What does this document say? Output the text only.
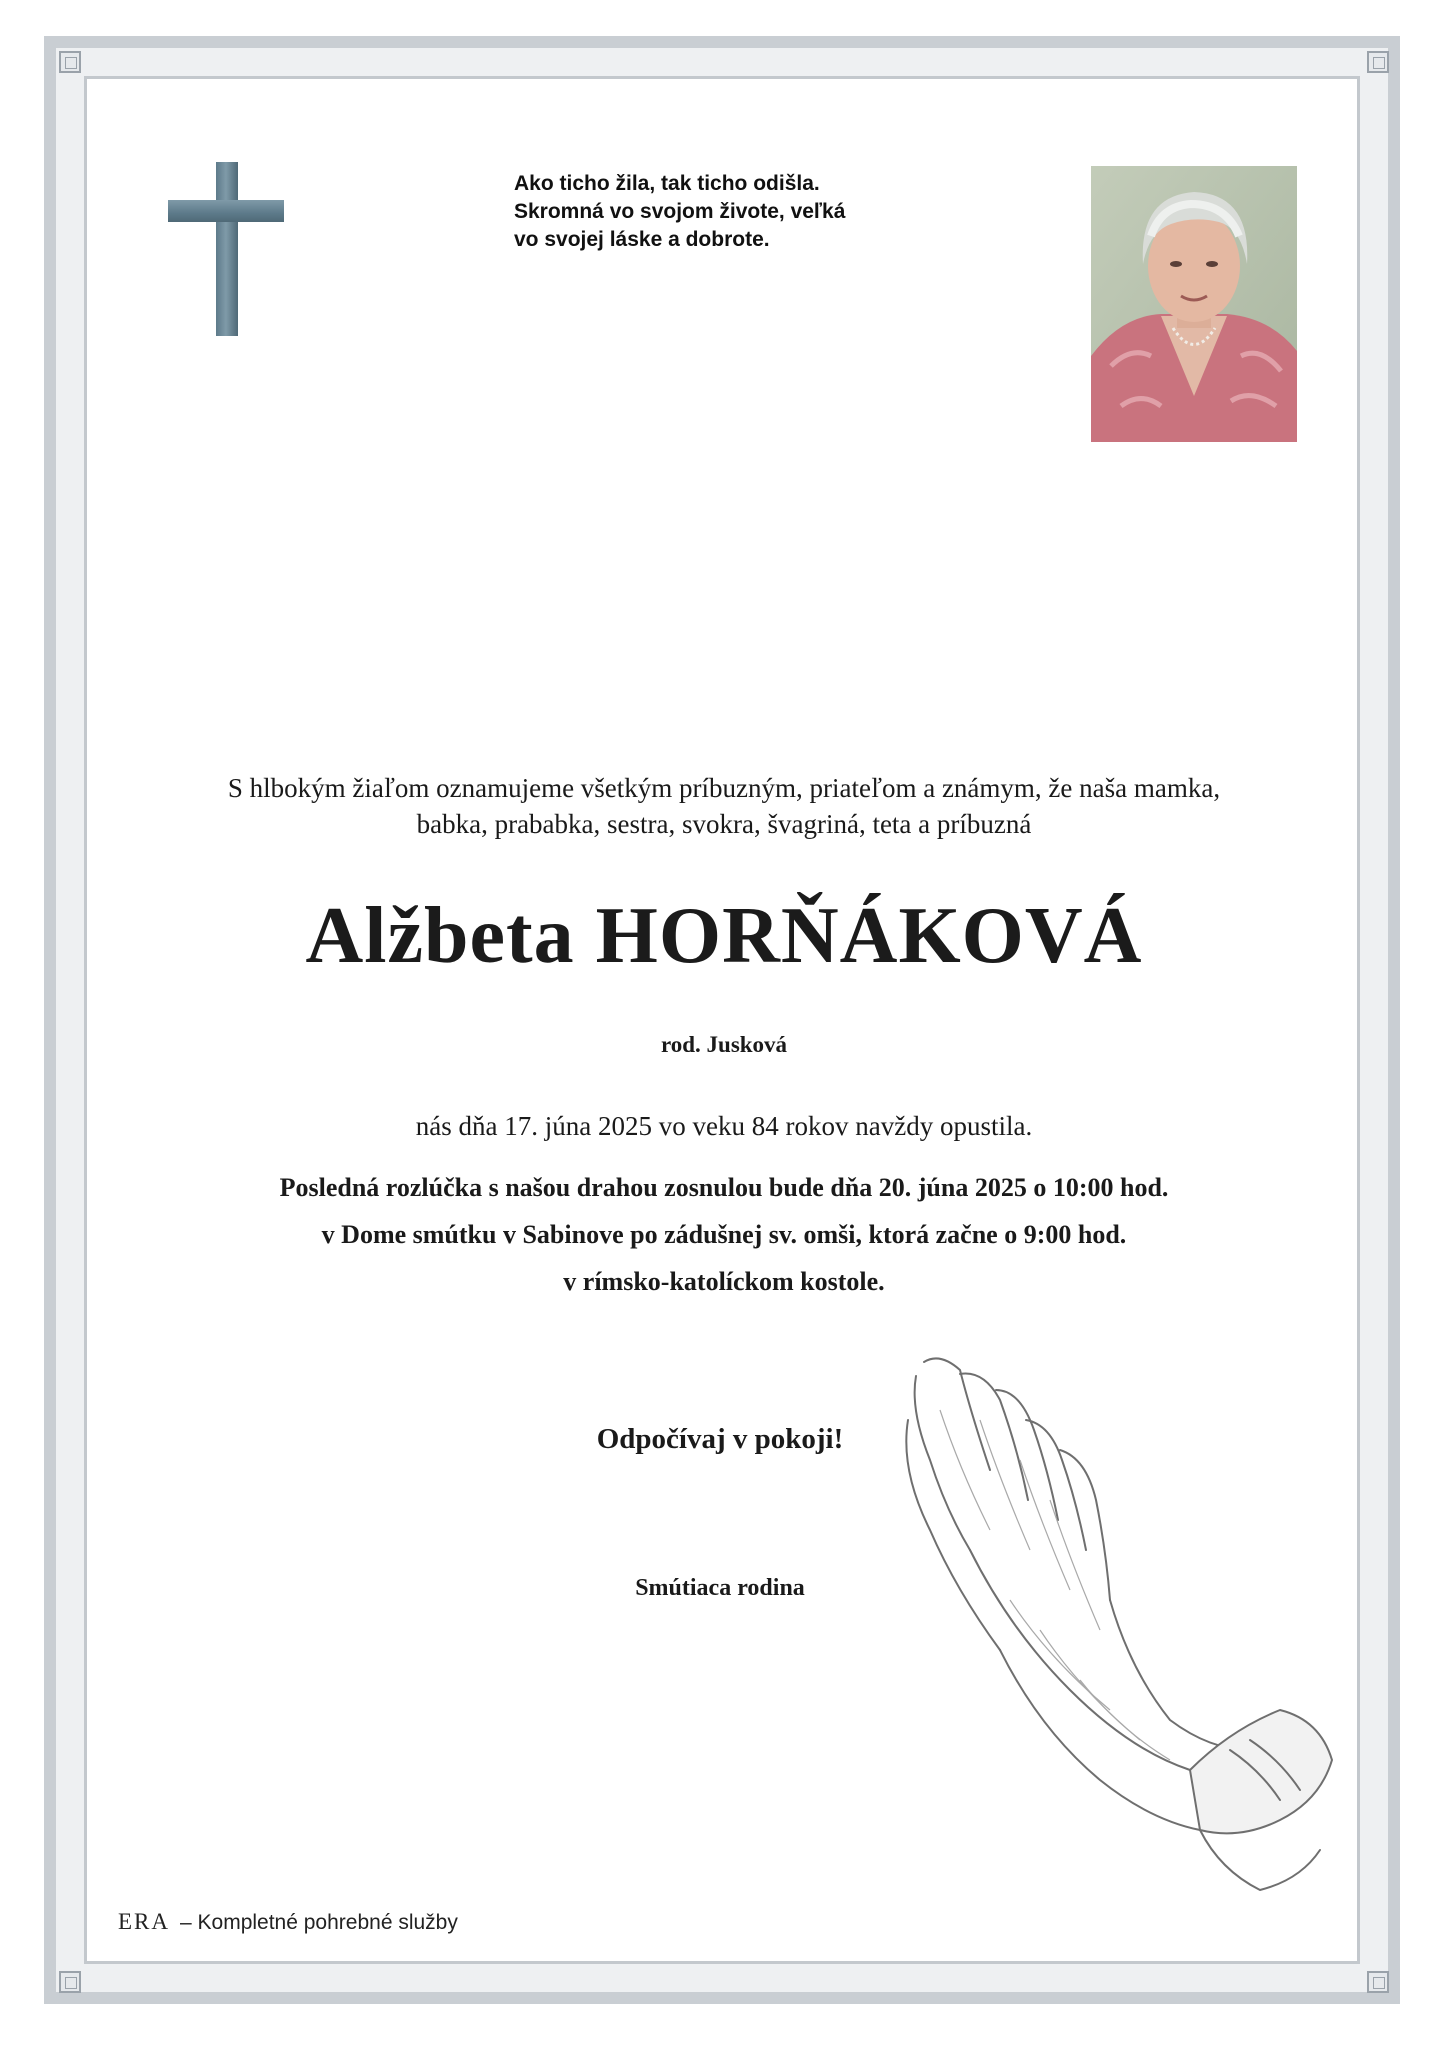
Ako ticho žila, tak ticho odišla.
Skromná vo svojom živote, veľká
vo svojej láske a dobrote.
S hlbokým žiaľom oznamujeme všetkým príbuzným, priateľom a známym, že naša mamka,
babka, prababka, sestra, svokra, švagriná, teta a príbuzná
Alžbeta HORŇÁKOVÁ
rod. Jusková
nás dňa 17. júna 2025 vo veku 84 rokov navždy opustila.
Posledná rozlúčka s našou drahou zosnulou bude dňa 20. júna 2025 o 10:00 hod.
v Dome smútku v Sabinove po zádušnej sv. omši, ktorá začne o 9:00 hod.
v rímsko-katolíckom kostole.
Odpočívaj v pokoji!
Smútiaca rodina
ERA – Kompletné pohrebné služby
